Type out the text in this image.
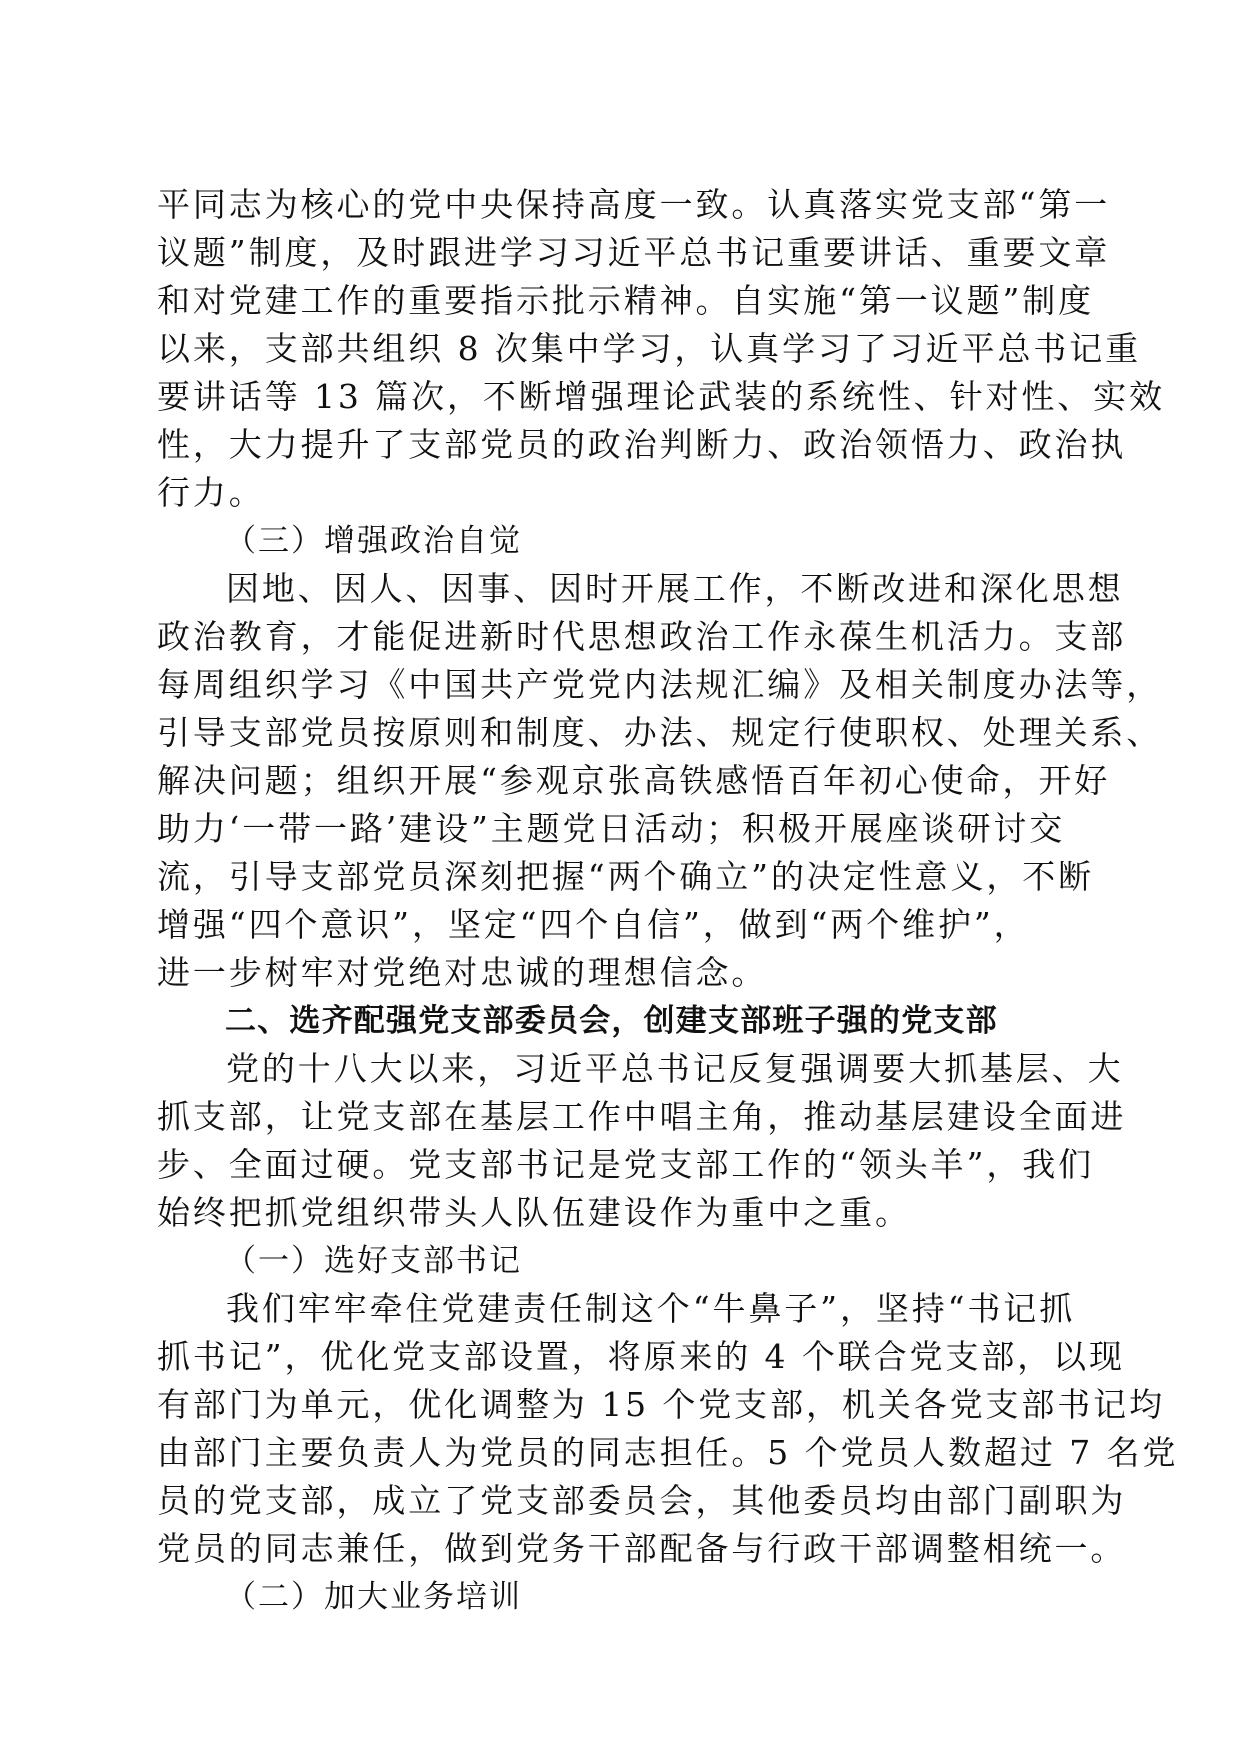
平同志为核心的党中央保持高度一致。认真落实党支部“第一

议题”制度，及时跟进学习习近平总书记重要讲话、重要文章

和对党建工作的重要指示批示精神。自实施“第一议题”制度

以来，支部共组织 8 次集中学习，认真学习了习近平总书记重

要讲话等 13 篇次，不断增强理论武装的系统性、针对性、实效

性，大力提升了支部党员的政治判断力、政治领悟力、政治执

行力。

（三）增强政治自觉

因地、因人、因事、因时开展工作，不断改进和深化思想

政治教育，才能促进新时代思想政治工作永葆生机活力。支部

每周组织学习《中国共产党党内法规汇编》及相关制度办法等，

引导支部党员按原则和制度、办法、规定行使职权、处理关系、

解决问题；组织开展“参观京张高铁感悟百年初心使命，开好

助力‘一带一路’建设”主题党日活动；积极开展座谈研讨交

流，引导支部党员深刻把握“两个确立”的决定性意义，不断

增强“四个意识”，坚定“四个自信”，做到“两个维护”，

进一步树牢对党绝对忠诚的理想信念。

二、选齐配强党支部委员会，创建支部班子强的党支部

党的十八大以来，习近平总书记反复强调要大抓基层、大

抓支部，让党支部在基层工作中唱主角，推动基层建设全面进

步、全面过硬。党支部书记是党支部工作的“领头羊”，我们

始终把抓党组织带头人队伍建设作为重中之重。

（一）选好支部书记

我们牢牢牵住党建责任制这个“牛鼻子”，坚持“书记抓

抓书记”，优化党支部设置，将原来的 4 个联合党支部，以现

有部门为单元，优化调整为 15 个党支部，机关各党支部书记均

由部门主要负责人为党员的同志担任。5 个党员人数超过 7 名党

员的党支部，成立了党支部委员会，其他委员均由部门副职为

党员的同志兼任，做到党务干部配备与行政干部调整相统一。

（二）加大业务培训
